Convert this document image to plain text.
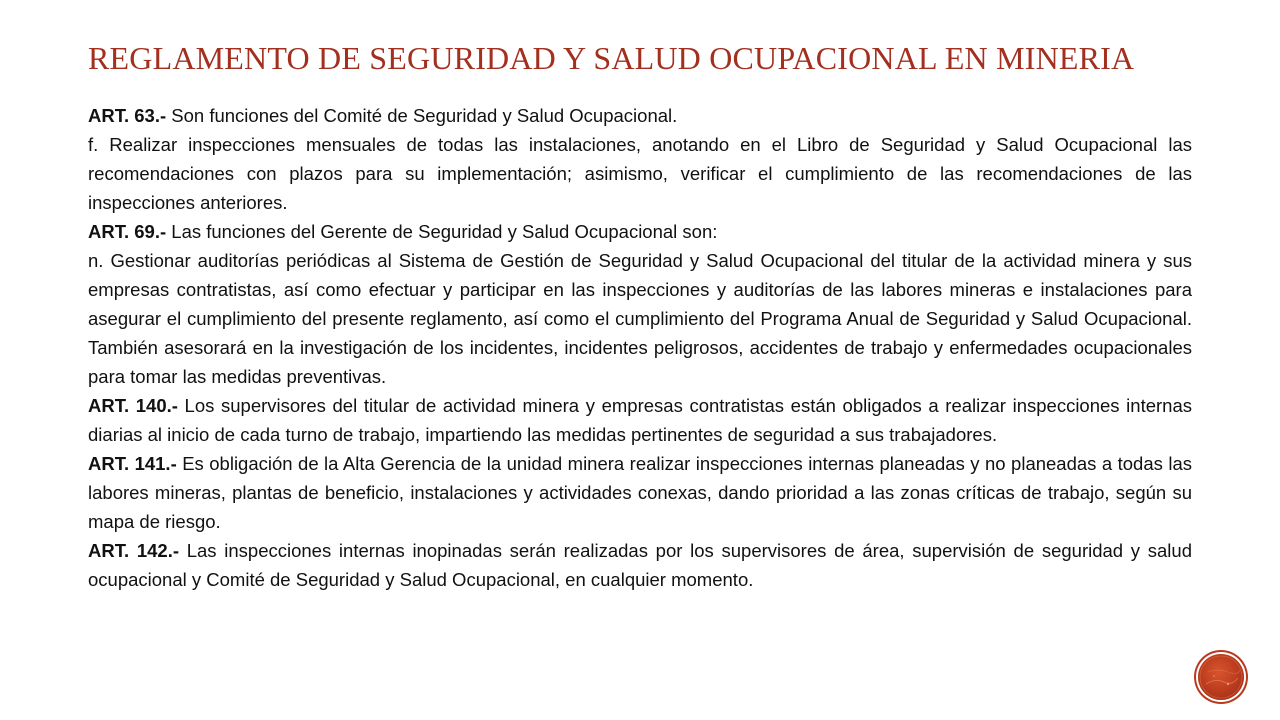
REGLAMENTO DE SEGURIDAD Y SALUD OCUPACIONAL EN MINERIA

ART. 63.- Son funciones del Comité de Seguridad y Salud Ocupacional.

f. Realizar inspecciones mensuales de todas las instalaciones, anotando en el Libro de Seguridad y Salud Ocupacional las recomendaciones con plazos para su implementación; asimismo, verificar el cumplimiento de las recomendaciones de las inspecciones anteriores.

ART. 69.- Las funciones del Gerente de Seguridad y Salud Ocupacional son:

n. Gestionar auditorías periódicas al Sistema de Gestión de Seguridad y Salud Ocupacional del titular de la actividad minera y sus empresas contratistas, así como efectuar y participar en las inspecciones y auditorías de las labores mineras e instalaciones para asegurar el cumplimiento del presente reglamento, así como el cumplimiento del Programa Anual de Seguridad y Salud Ocupacional. También asesorará en la investigación de los incidentes, incidentes peligrosos, accidentes de trabajo y enfermedades ocupacionales para tomar las medidas preventivas.

ART. 140.- Los supervisores del titular de actividad minera y empresas contratistas están obligados a realizar inspecciones internas diarias al inicio de cada turno de trabajo, impartiendo las medidas pertinentes de seguridad a sus trabajadores.

ART. 141.- Es obligación de la Alta Gerencia de la unidad minera realizar inspecciones internas planeadas y no planeadas a todas las labores mineras, plantas de beneficio, instalaciones y actividades conexas, dando prioridad a las zonas críticas de trabajo, según su mapa de riesgo.

ART. 142.- Las inspecciones internas inopinadas serán realizadas por los supervisores de área, supervisión de seguridad y salud ocupacional y Comité de Seguridad y Salud Ocupacional, en cualquier momento.
